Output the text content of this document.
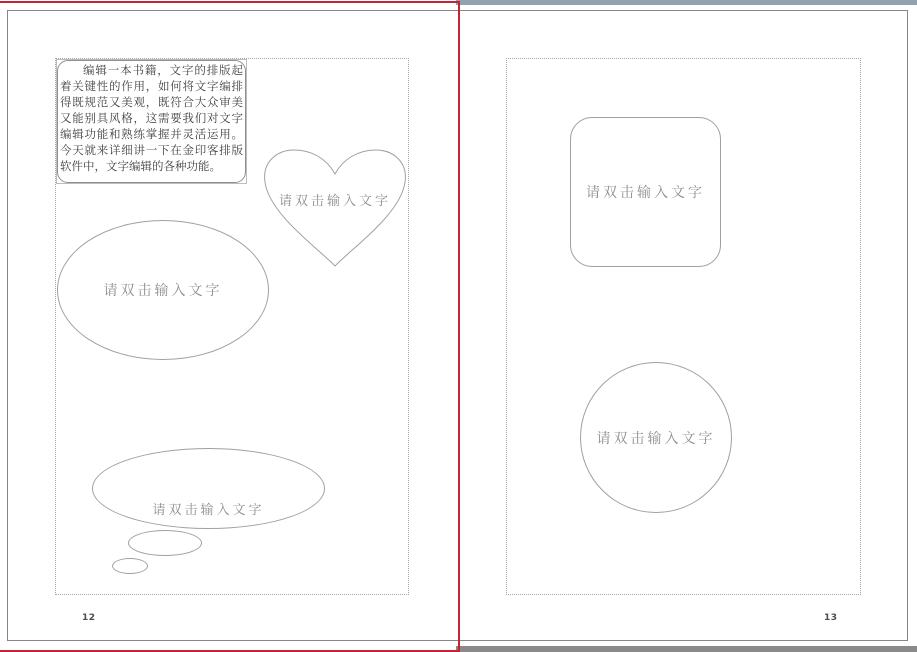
12	13
编辑一本书籍，文字的排版起着关键性的作用，如何将文字编排得既规范又美观，既符合大众审美又能别具风格，这需要我们对文字编辑功能和熟练掌握并灵活运用。今天就来详细讲一下在金印客排版软件中，文字编辑的各种功能。
请双击输入文字
请双击输入文字
请双击输入文字
请双击输入文字
请双击输入文字
